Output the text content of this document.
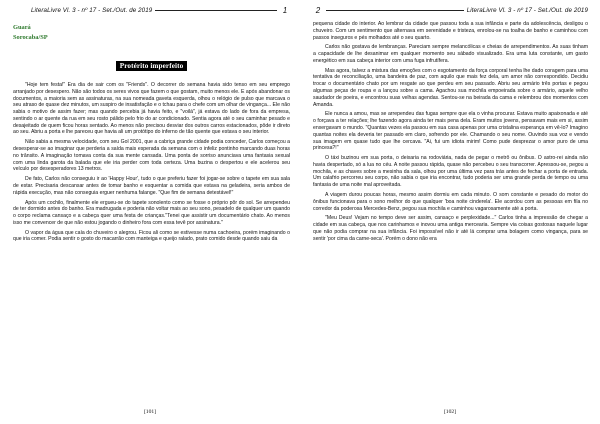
LiteraLivre Vl. 3 - nº 17 - Set./Out. de 2019	1
Guará
Sorocaba/SP
Protérito imperfeito

"Hoje tem festa!" Era dia de sair com os "Friends". O decorrer do semana havia sido tenso em seu emprego arranjado por desespero. Não são todos os seres vivos que fazem o que gostam, muito menos ele. E após abandonar os documentos, a maioria sem as assinaturas, na sua nomeada gaveta esquerda, olhou o relógio de pulso que marcava o seu atraso de quase dez minutos, um suspiro de insatisfação e o tchau para o chefe com um olhar de vingança... Ele não sabia o motivo de assim fazer; mas quando percebia já havia feito, e "voilá", já estava do lado de fora da empresa, sentindo o ar quente da rua em seu rosto pálido pelo frio do ar condicionado. Sentia agora até o seu caminhar pesado e desajeitado de quem ficou horas sentado. Ao menos não precisou desviar dos outros carros estacionados, pôde ir direto ao seu. Abriu a porta e lhe pareceu que havia ali um protótipo do inferno de tão quente que estava o seu interior.

Não sabia a mesma velocidade, com seu Gol 2001, que a cabriça grande cidade podia conceder, Carlos começou a desesperar-se ao imaginar que perderia a saída mais esperada da semana com o infeliz pontinho marcando duas horas no trânsito. A imaginação tomava conta da sua mente cansada. Uma ponta de sorriso anunciava uma fantasia sexual com uma linda garota da balada que ele iria perder com toda certeza. Uma buzina o despertou e ele acelerou seu veículo por desesperadores 13 metros.

De fato, Carlos não conseguiu ir ao 'Happy Hour', tudo o que preferiu fazer foi jogar-se sobre o tapete em sua sala de estar. Precisaria descansar antes de tomar banho e esquentar a comida que estava na geladeira, seria ambos de rápida execução, mas não conseguia erguer nenhuma falange. "Que fim de semana detestável!"

Após um cochilo, finalmente ele ergueu-se do tapete sonolento como se fosse o próprio pôr do sol. Se arrependeu de ter dormido antes do banho. Era madrugada e poderia não voltar mais ao seu sono, pesadelo de qualquer um quando o corpo reclama cansaço e a cabeça quer uma festa de crianças."Tenei que assistir um documentário chato. Ao menos isso me convencer de que não estou jogando o dinheiro fora com essa tevê por assinatura."

O vapor da água que caía do chuveiro o alegrou. Ficou ali como se estivesse numa cachoeira, porém imaginando o que iria comer. Podia sentir o gosto do macarrão com manteiga e queijo ralado, prato comido desde quando saiu da

[101]
2	LiteraLivre Vl. 3 - nº 17 - Set./Out. de 2019

pequena cidade do interior. Ao lembrar da cidade que passou toda a sua infância e parte da adolescência, desligou o chuveiro. Com um sentimento que alternava em serenidade e tristeza, enrolou-se na toalha de banho e caminhou com passos inseguros e pés molhados até o seu quarto.

Carlos não gostava de lembranças. Pareciam sempre melancólicas e cheias de arrependimentos. As suas tinham a capacidade de lhe desanimar em qualquer momento seu sábado visualizado. Era uma luta constante, um gasto energético em sua cabeça interior com uma fuga infrutífera.

Mas agora, talvez a mistura das emoções com o esgotamento da força corporal tenha lhe dado coragem para uma tentativa de reconciliação, uma bandeira de paz, com aquilo que mais fez dela, um amor não correspondido. Decidiu trocar o documentário chato por um resgate ao que perdeu em seu passado. Abriu seu armário três portas e pegou algumas peças de roupa e a lançou sobre a cama. Agachou sua mochila empoeirada sobre o armário, aquele velho saudador de poeira, e encontrou suas velhas agendas. Sentou-se na beirada da cama e relembrou dos momentos com Amanda.

Ele nunca a amou, mas se arrependeu das fugas sempre que ela o vinha procurar. Estava muito apaixonada e até o forçava a ter relações; lhe fazendo agora ainda ter mais pena dela. Eram muitos jovens, pensavam mais em si, assim enxergavam o mundo. "Quantas vezes ela passou em sua casa apenas por uma cristalina esperança em vê-lo? Imagino quantas noites ela deveria ter passado em claro, sofrendo por ele. Chamando o seu nome. Ouvindo sua voz e vendo sua imagem em quase tudo que lhe cercava. "Ai, fui um idiota mirim! Como pude desprezar o amor puro de uma princesa?!"

O táxi buzinou em sua porta, o deixaria na rodoviária, nada de pegar o metrô ou ônibus. O astro-rei ainda não havia despertado, só a lua no céu. A noite passou rápida, quase não percebeu o seu transcorrer. Apressou-se, pegou a mochila, e as chaves sobre a mesinha da sala, olhou por uma última vez para trás antes de fechar a porta de entrada. Um calafrio percorreu seu corpo, não sabia o que iria encontrar, tudo poderia ser uma grande perda de tempo ou uma fantasia de uma noite mal aproveitada.

A viagem durou poucas horas, mesmo assim dormiu em cada minuto. O som constante e pesado do motor do ônibus funcionava para o sono melhor do que qualquer 'boa noite cinderela'. Ele acordou com as pessoas em fila no corredor da poderosa Mercedes-Benz, pegou sua mochila e caminhou vagarosamente até a porta.

"Meu Deus! Vejam no tempo deve ser assim, cansaço e perplexidade..." Carlos tinha a impressão de chegar a cidade em sua cabeça, que nos carinhamos e inovou uma antiga mercearia. Sempre via coisas gostosas naquele lugar que não podia comprar na sua infância. Foi impossível não ir até lá comprar uma bolagem como vingança, para se sentir 'por cima da carne-seca'. Porém o dono não era

[102]
